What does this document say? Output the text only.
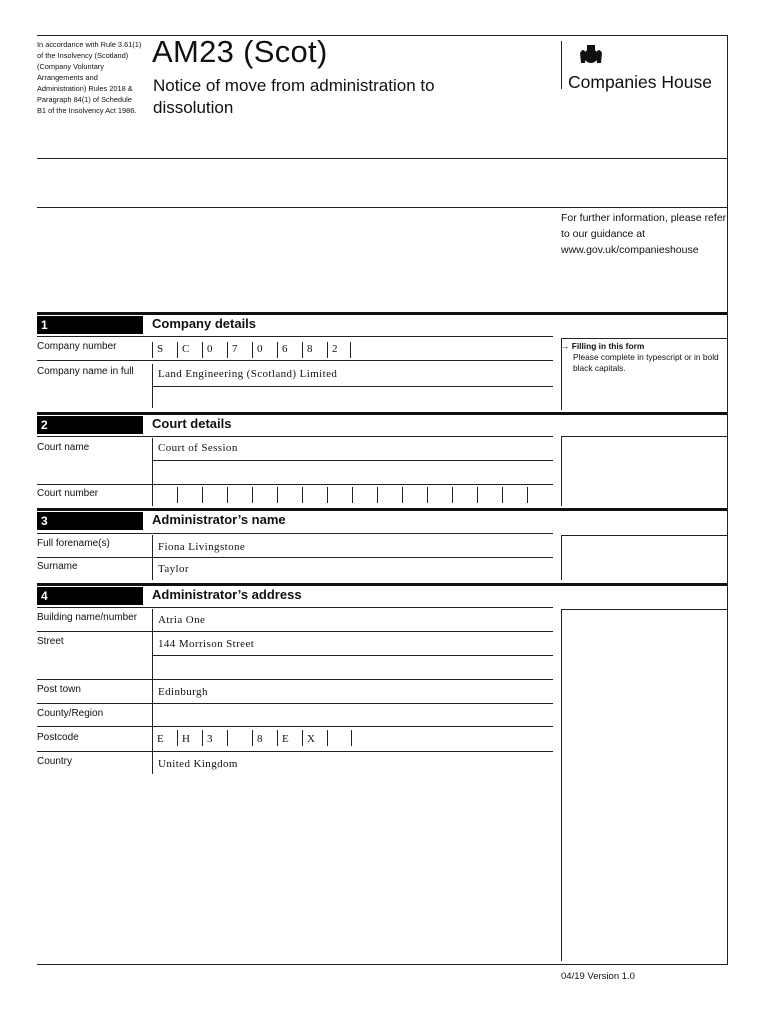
In accordance with Rule 3.61(1) of the Insolvency (Scotland) (Company Voluntary Arrangements and Administration) Rules 2018 & Paragraph 84(1) of Schedule B1 of the Insolvency Act 1986.
AM23 (Scot)
Notice of move from administration to dissolution
Companies House
For further information, please refer to our guidance at www.gov.uk/companieshouse
1	Company details
→ Filling in this form
Please complete in typescript or in bold black capitals.
Company number	S C 0 7 0 6 8 2
Company name in full Land Engineering (Scotland) Limited
2	Court details
Court name	Court of Session
Court number
3	Administrator’s name
Full forename(s)	Fiona Livingstone
Surname	Taylor
4	Administrator’s address
Building name/number Atria One
Street	144 Morrison Street
Post town	Edinburgh
County/Region
Postcode	E H 3	8 E X
Country	United Kingdom
04/19 Version 1.0
